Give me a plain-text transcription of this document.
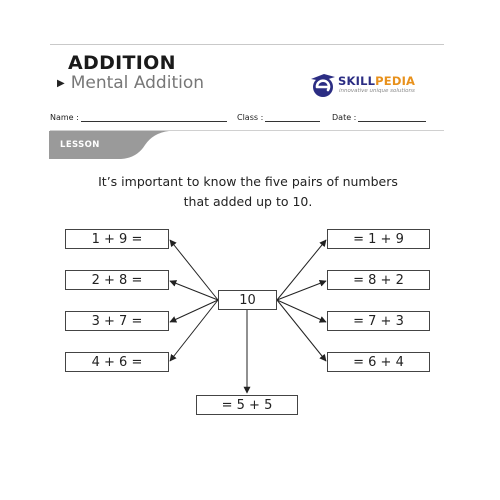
ADDITION
▶ Mental Addition	SKILLPEDIA
innovative unique solutions
Name :	Class :	Date :
LESSON
It’s important to know the five pairs of numbers
that added up to 10.
1 + 9 =
2 + 8 =
3 + 7 =
4 + 6 =
10
= 1 + 9
= 8 + 2
= 7 + 3
= 6 + 4
= 5 + 5
